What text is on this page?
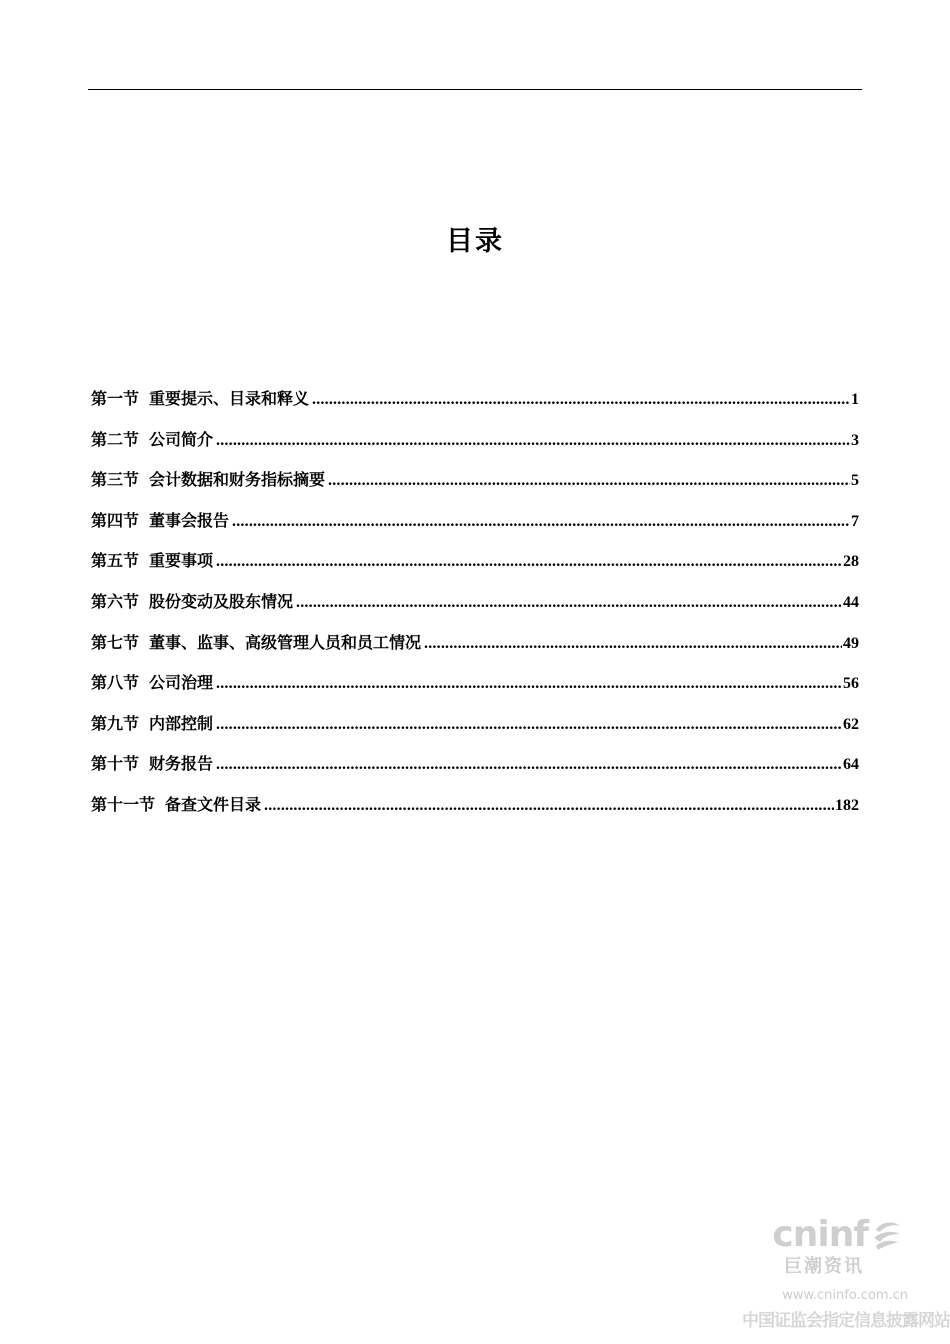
目录
第一节 重要提示、目录和释义 .....	1
第二节 公司简介 .....	3
第三节 会计数据和财务指标摘要 .....	5
第四节 董事会报告 .....	7
第五节 重要事项 .....	28
第六节 股份变动及股东情况 .....	44
第七节 董事、监事、高级管理人员和员工情况 .....	49
第八节 公司治理 .....	56
第九节 内部控制 .....	62
第十节 财务报告 .....	64
第十一节 备查文件目录 .....	182
cninf
巨潮资讯
www.cninfo.com.cn
中国证监会指定信息披露网站
